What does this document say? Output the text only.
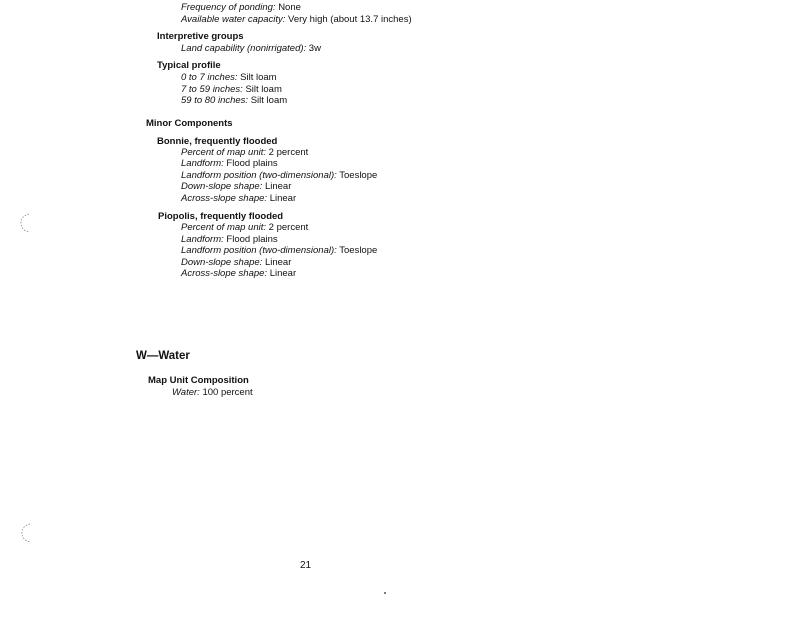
Frequency of ponding: None
Available water capacity: Very high (about 13.7 inches)
Interpretive groups
Land capability (nonirrigated): 3w
Typical profile
0 to 7 inches: Silt loam
7 to 59 inches: Silt loam
59 to 80 inches: Silt loam
Minor Components
Bonnie, frequently flooded
Percent of map unit: 2 percent
Landform: Flood plains
Landform position (two-dimensional): Toeslope
Down-slope shape: Linear
Across-slope shape: Linear
Piopolis, frequently flooded
Percent of map unit: 2 percent
Landform: Flood plains
Landform position (two-dimensional): Toeslope
Down-slope shape: Linear
Across-slope shape: Linear
W—Water
Map Unit Composition
Water: 100 percent
21
